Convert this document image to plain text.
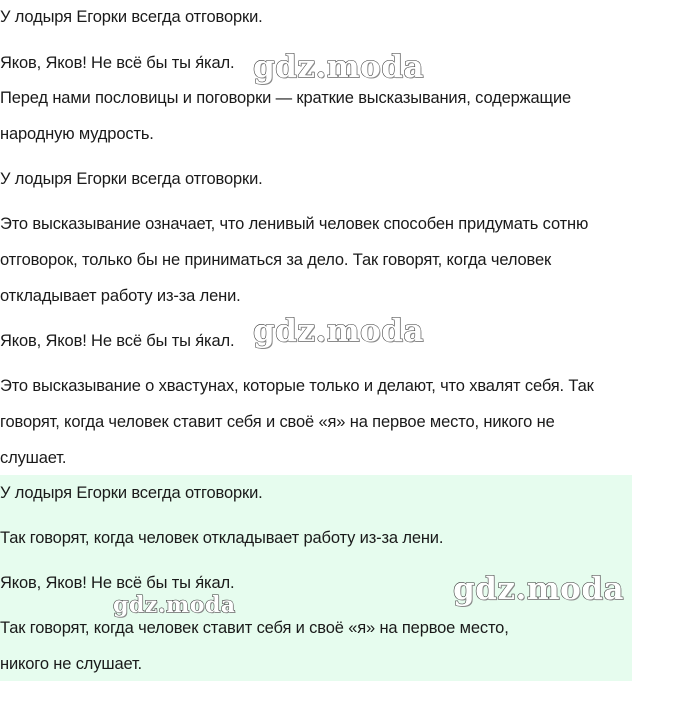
У лодыря Егорки всегда отговорки.
Яков, Яков! Не всё бы ты я́кал.
Перед нами пословицы и поговорки — краткие высказывания, содержащие
народную мудрость.
У лодыря Егорки всегда отговорки.
Это высказывание означает, что ленивый человек способен придумать сотню
отговорок, только бы не приниматься за дело. Так говорят, когда человек
откладывает работу из-за лени.
Яков, Яков! Не всё бы ты я́кал.
Это высказывание о хвастунах, которые только и делают, что хвалят себя. Так
говорят, когда человек ставит себя и своё «я» на первое место, никого не
слушает.
У лодыря Егорки всегда отговорки.
Так говорят, когда человек откладывает работу из-за лени.
Яков, Яков! Не всё бы ты я́кал.
Так говорят, когда человек ставит себя и своё «я» на первое место,
никого не слушает.
gdz.moda
gdz.moda
gdz.moda
gdz.moda
